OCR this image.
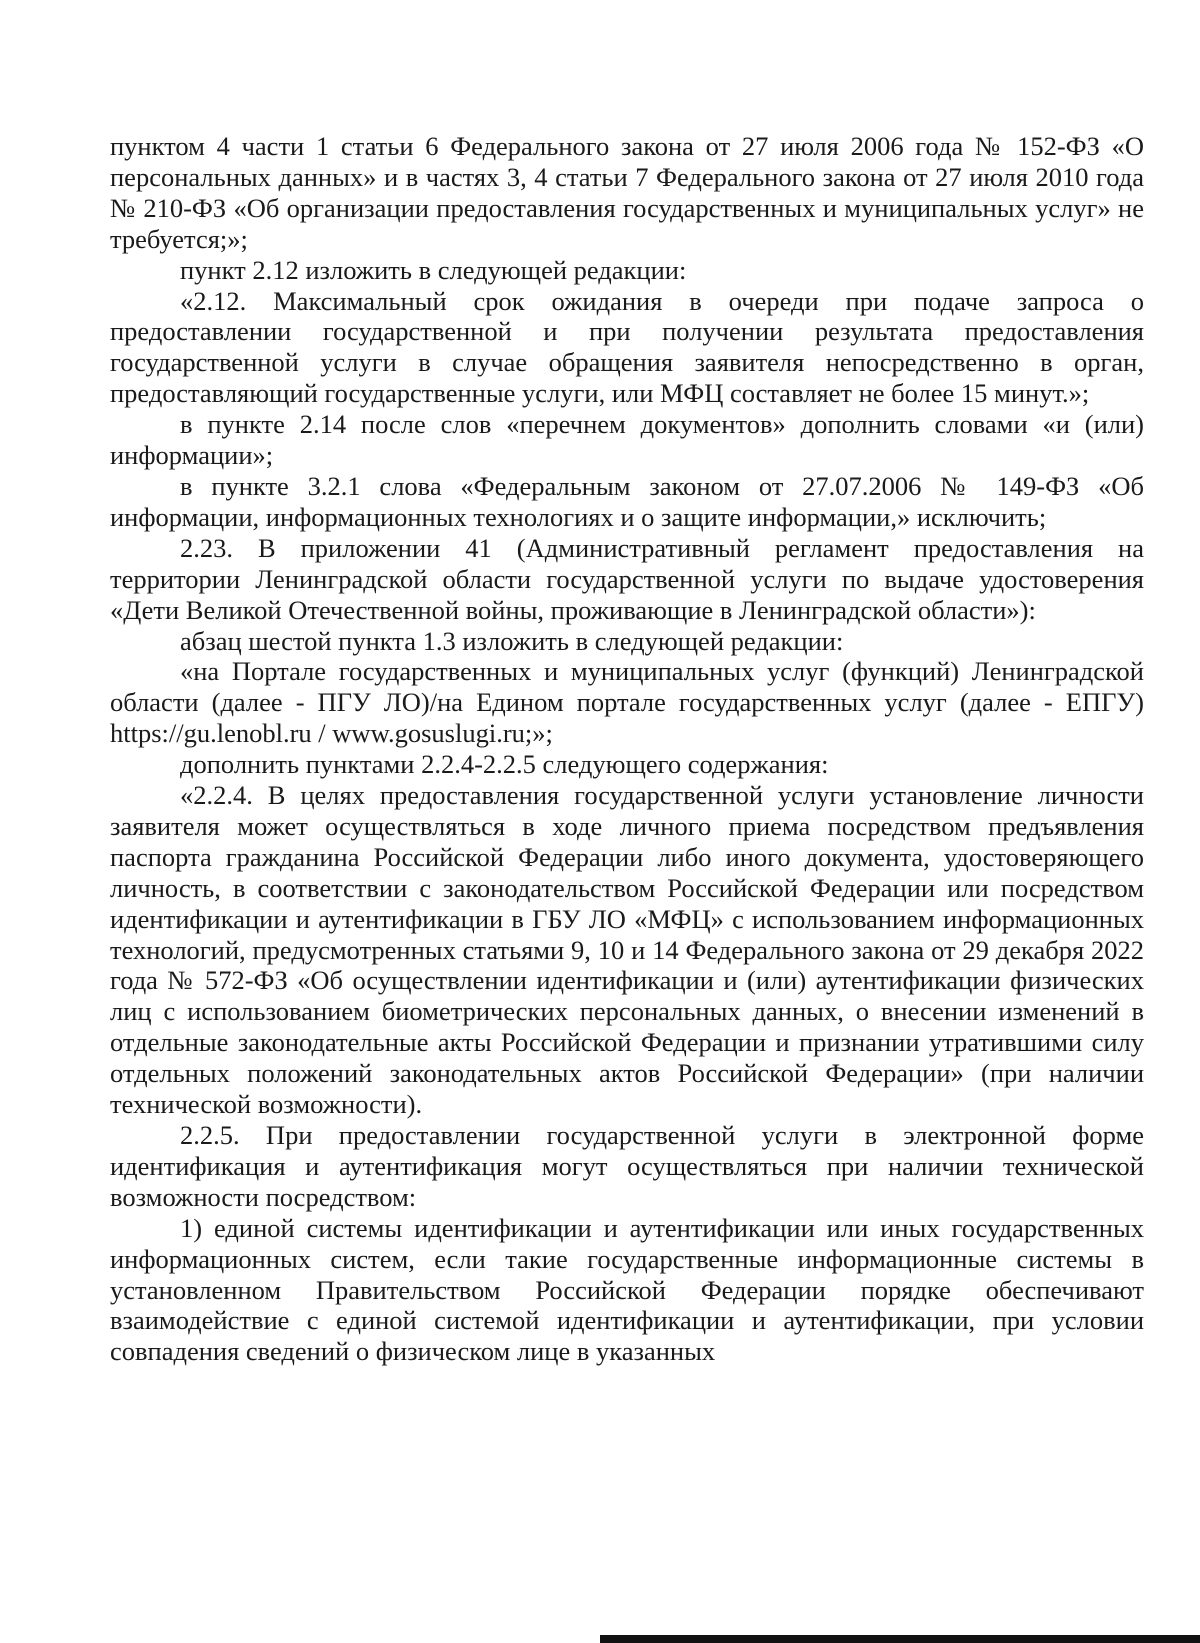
пунктом 4 части 1 статьи 6 Федерального закона от 27 июля 2006 года № 152-ФЗ «О персональных данных» и в частях 3, 4 статьи 7 Федерального закона от 27 июля 2010 года № 210-ФЗ «Об организации предоставления государственных и муниципальных услуг» не требуется;»;

пункт 2.12 изложить в следующей редакции:

«2.12. Максимальный срок ожидания в очереди при подаче запроса о предоставлении государственной и при получении результата предоставления государственной услуги в случае обращения заявителя непосредственно в орган, предоставляющий государственные услуги, или МФЦ составляет не более 15 минут.»;

в пункте 2.14 после слов «перечнем документов» дополнить словами «и (или) информации»;

в пункте 3.2.1 слова «Федеральным законом от 27.07.2006 № 149-ФЗ «Об информации, информационных технологиях и о защите информации,» исключить;

2.23. В приложении 41 (Административный регламент предоставления на территории Ленинградской области государственной услуги по выдаче удостоверения «Дети Великой Отечественной войны, проживающие в Ленинградской области»):

абзац шестой пункта 1.3 изложить в следующей редакции:

«на Портале государственных и муниципальных услуг (функций) Ленинградской области (далее - ПГУ ЛО)/на Едином портале государственных услуг (далее - ЕПГУ) https://gu.lenobl.ru / www.gosuslugi.ru;»;

дополнить пунктами 2.2.4-2.2.5 следующего содержания:

«2.2.4. В целях предоставления государственной услуги установление личности заявителя может осуществляться в ходе личного приема посредством предъявления паспорта гражданина Российской Федерации либо иного документа, удостоверяющего личность, в соответствии с законодательством Российской Федерации или посредством идентификации и аутентификации в ГБУ ЛО «МФЦ» с использованием информационных технологий, предусмотренных статьями 9, 10 и 14 Федерального закона от 29 декабря 2022 года № 572-ФЗ «Об осуществлении идентификации и (или) аутентификации физических лиц с использованием биометрических персональных данных, о внесении изменений в отдельные законодательные акты Российской Федерации и признании утратившими силу отдельных положений законодательных актов Российской Федерации» (при наличии технической возможности).

2.2.5. При предоставлении государственной услуги в электронной форме идентификация и аутентификация могут осуществляться при наличии технической возможности посредством:

1) единой системы идентификации и аутентификации или иных государственных информационных систем, если такие государственные информационные системы в установленном Правительством Российской Федерации порядке обеспечивают взаимодействие с единой системой идентификации и аутентификации, при условии совпадения сведений о физическом лице в указанных
